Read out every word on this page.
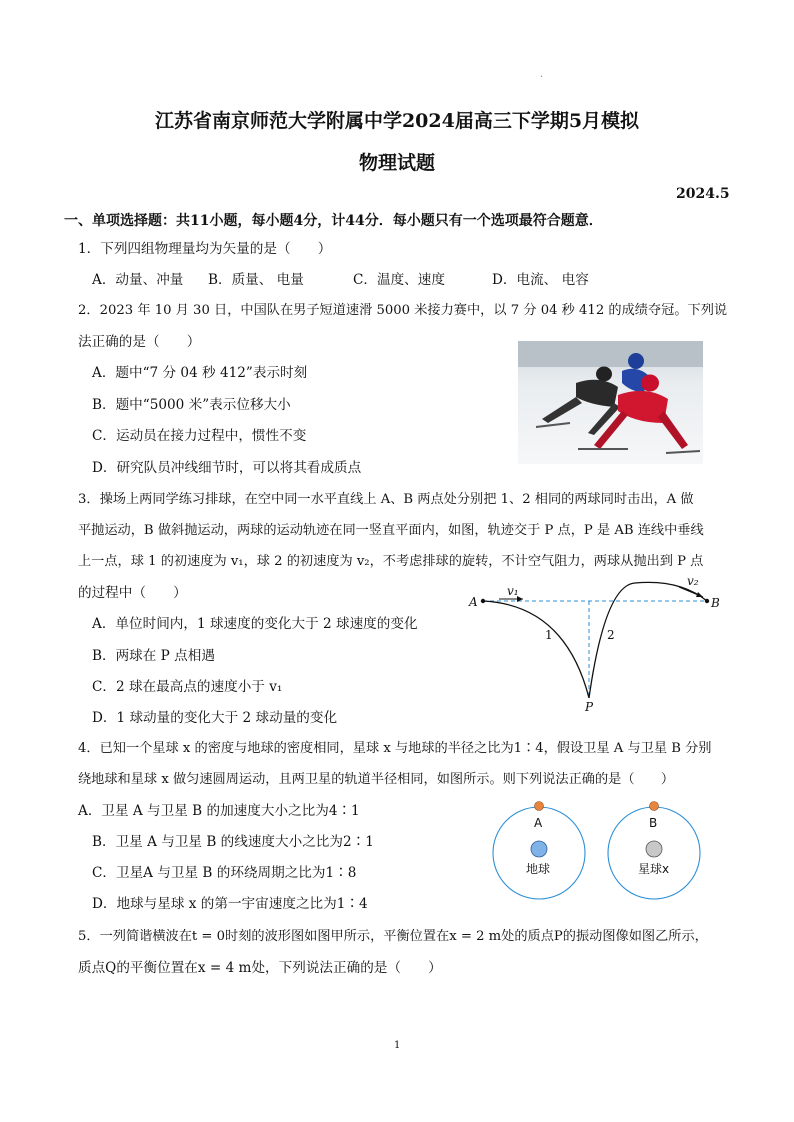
·
江苏省南京师范大学附属中学2024届高三下学期5月模拟
物理试题
2024.5
一、单项选择题：共11小题，每小题4分，计44分．每小题只有一个选项最符合题意．
1．下列四组物理量均为矢量的是（　　）
A．动量、冲量 B．质量、 电量	C．温度、速度	D．电流、 电容
2．2023 年 10 月 30 日，中国队在男子短道速滑 5000 米接力赛中，以 7 分 04 秒 412 的成绩夺冠。下列说
法正确的是（　　）
A．题中“7 分 04 秒 412”表示时刻
B．题中“5000 米”表示位移大小
C．运动员在接力过程中，惯性不变
D．研究队员冲线细节时，可以将其看成质点
3．操场上两同学练习排球，在空中同一水平直线上 A、B 两点处分别把 1、2 相同的两球同时击出，A 做
平抛运动，B 做斜抛运动，两球的运动轨迹在同一竖直平面内，如图，轨迹交于 P 点，P 是 AB 连线中垂线
上一点，球 1 的初速度为 v₁，球 2 的初速度为 v₂，不考虑排球的旋转，不计空气阻力，两球从抛出到 P 点
的过程中（　　）
A．单位时间内，1 球速度的变化大于 2 球速度的变化
B．两球在 P 点相遇
C．2 球在最高点的速度小于 v₁
D．1 球动量的变化大于 2 球动量的变化
A	B
P
v₁
v₂
1	2
4．已知一个星球 x 的密度与地球的密度相同，星球 x 与地球的半径之比为1∶4，假设卫星 A 与卫星 B 分别
绕地球和星球 x 做匀速圆周运动，且两卫星的轨道半径相同，如图所示。则下列说法正确的是（　　）
A．卫星 A 与卫星 B 的加速度大小之比为4∶1
B．卫星 A 与卫星 B 的线速度大小之比为2∶1
C．卫星A 与卫星 B 的环绕周期之比为1∶8
D．地球与星球 x 的第一宇宙速度之比为1∶4
A	B
地球	星球x
5．一列简谐横波在t = 0时刻的波形图如图甲所示，平衡位置在x = 2 m处的质点P的振动图像如图乙所示，
质点Q的平衡位置在x = 4 m处，下列说法正确的是（　　）
1
